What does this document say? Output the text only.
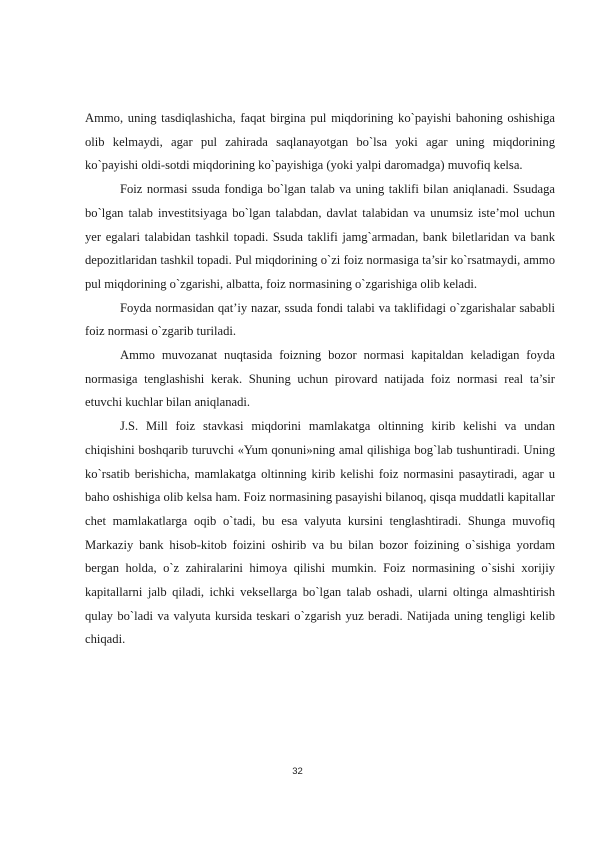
Ammo, uning tasdiqlashicha, faqat birgina pul miqdorining ko`payishi bahoning oshishiga olib kelmaydi, agar pul zahirada saqlanayotgan bo`lsa yoki agar uning miqdorining ko`payishi oldi-sotdi miqdorining ko`payishiga (yoki yalpi daromadga) muvofiq kelsa.

Foiz normasi ssuda fondiga bo`lgan talab va uning taklifi bilan aniqlanadi. Ssudaga bo`lgan talab investitsiyaga bo`lgan talabdan, davlat talabidan va unumsiz iste’mol uchun yer egalari talabidan tashkil topadi. Ssuda taklifi jamg`armadan, bank biletlaridan va bank depozitlaridan tashkil topadi. Pul miqdorining o`zi foiz normasiga ta’sir ko`rsatmaydi, ammo pul miqdorining o`zgarishi, albatta, foiz normasining o`zgarishiga olib keladi.

Foyda normasidan qat’iy nazar, ssuda fondi talabi va taklifidagi o`zgarishalar sababli foiz normasi o`zgarib turiladi.

Ammo muvozanat nuqtasida foizning bozor normasi kapitaldan keladigan foyda normasiga tenglashishi kerak. Shuning uchun pirovard natijada foiz normasi real ta’sir etuvchi kuchlar bilan aniqlanadi.

J.S. Mill foiz stavkasi miqdorini mamlakatga oltinning kirib kelishi va undan chiqishini boshqarib turuvchi «Yum qonuni»ning amal qilishiga bog`lab tushuntiradi. Uning ko`rsatib berishicha, mamlakatga oltinning kirib kelishi foiz normasini pasaytiradi, agar u baho oshishiga olib kelsa ham. Foiz normasining pasayishi bilanoq, qisqa muddatli kapitallar chet mamlakatlarga oqib o`tadi, bu esa valyuta kursini tenglashtiradi. Shunga muvofiq Markaziy bank hisob-kitob foizini oshirib va bu bilan bozor foizining o`sishiga yordam bergan holda, o`z zahiralarini himoya qilishi mumkin. Foiz normasining o`sishi xorijiy kapitallarni jalb qiladi, ichki veksellarga bo`lgan talab oshadi, ularni oltinga almashtirish qulay bo`ladi va valyuta kursida teskari o`zgarish yuz beradi. Natijada uning tengligi kelib chiqadi.

32
